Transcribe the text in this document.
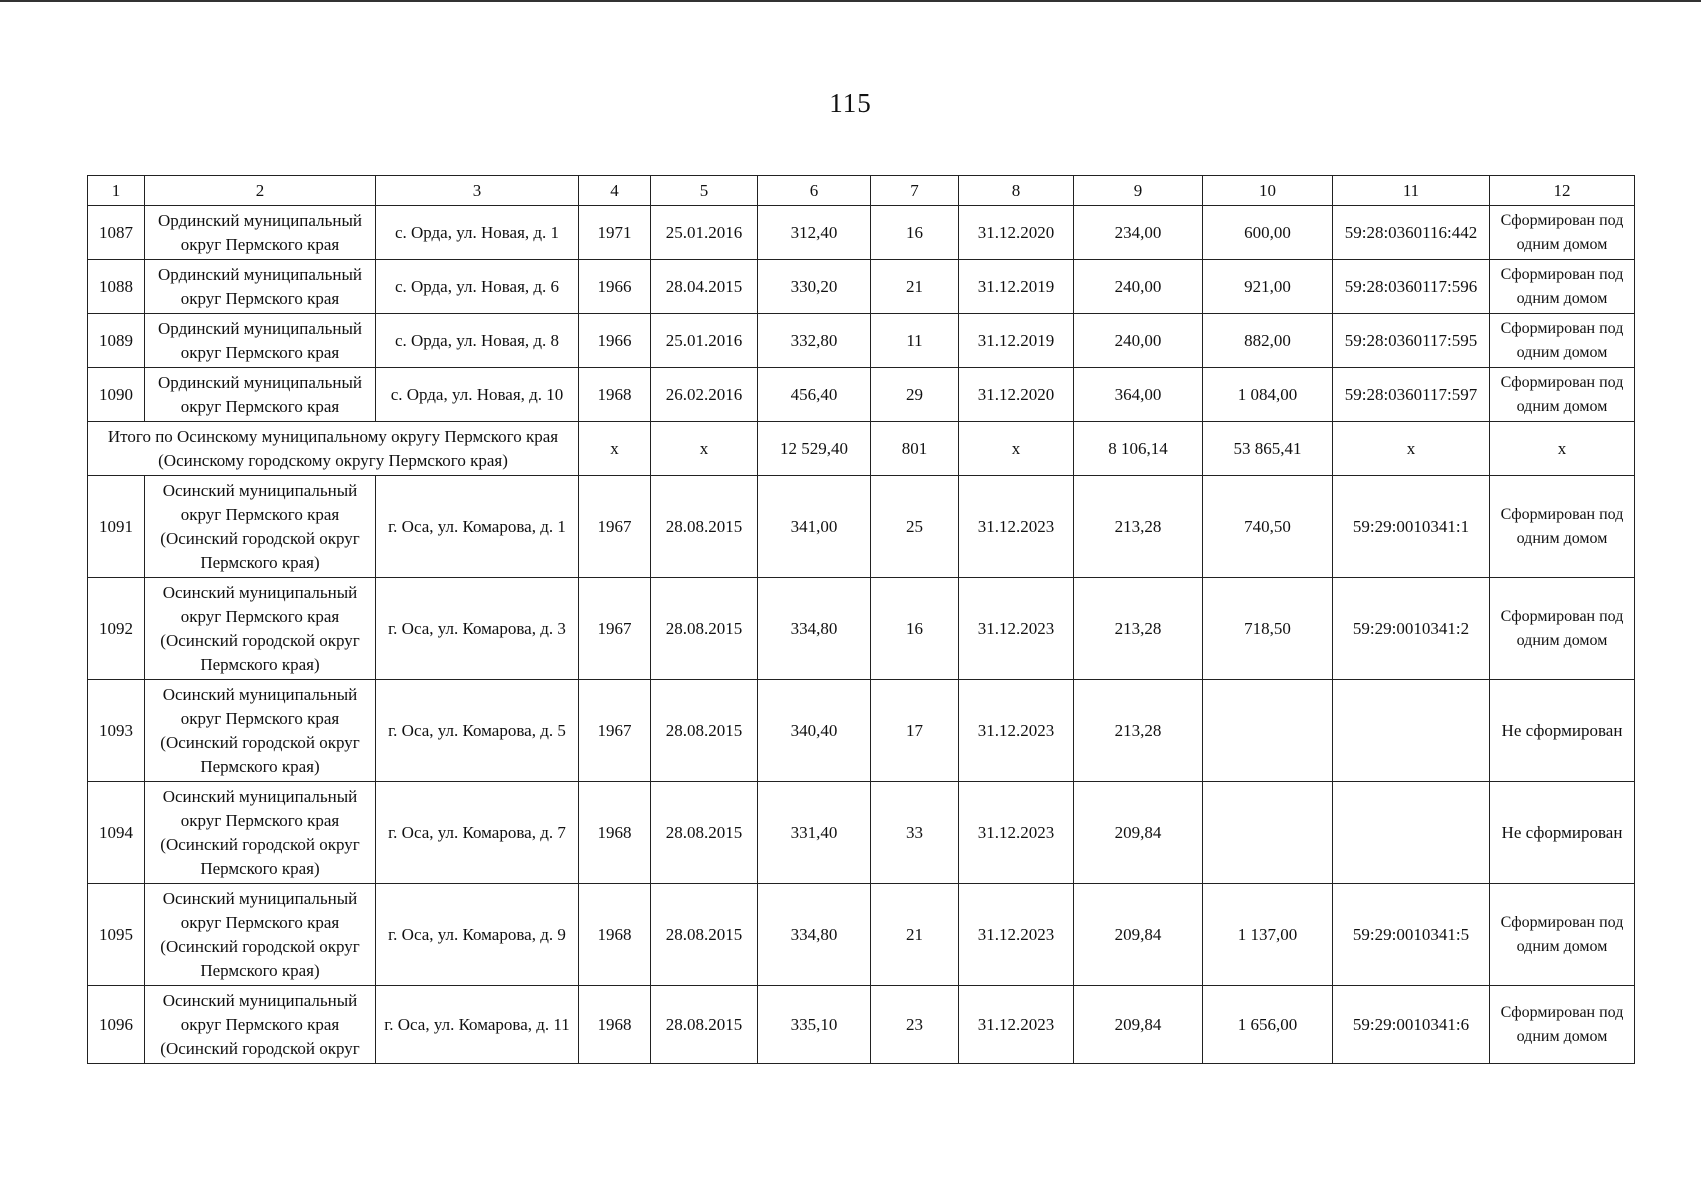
115
1	2	3	4	5	6	7	8	9	10	11	12
1087	Ординский муниципальный округ Пермского края	с. Орда, ул. Новая, д. 1	1971	25.01.2016	312,40	16	31.12.2020	234,00	600,00	59:28:0360116:442	Сформирован под одним домом
1088	Ординский муниципальный округ Пермского края	с. Орда, ул. Новая, д. 6	1966	28.04.2015	330,20	21	31.12.2019	240,00	921,00	59:28:0360117:596	Сформирован под одним домом
1089	Ординский муниципальный округ Пермского края	с. Орда, ул. Новая, д. 8	1966	25.01.2016	332,80	11	31.12.2019	240,00	882,00	59:28:0360117:595	Сформирован под одним домом
1090	Ординский муниципальный округ Пермского края	с. Орда, ул. Новая, д. 10	1968	26.02.2016	456,40	29	31.12.2020	364,00	1 084,00	59:28:0360117:597	Сформирован под одним домом
Итого по Осинскому муниципальному округу Пермского края (Осинскому городскому округу Пермского края)			x	x	12 529,40	801	x	8 106,14	53 865,41	x	x
1091	Осинский муниципальный округ Пермского края (Осинский городской округ Пермского края)	г. Оса, ул. Комарова, д. 1	1967	28.08.2015	341,00	25	31.12.2023	213,28	740,50	59:29:0010341:1	Сформирован под одним домом
1092	Осинский муниципальный округ Пермского края (Осинский городской округ Пермского края)	г. Оса, ул. Комарова, д. 3	1967	28.08.2015	334,80	16	31.12.2023	213,28	718,50	59:29:0010341:2	Сформирован под одним домом
1093	Осинский муниципальный округ Пермского края (Осинский городской округ Пермского края)	г. Оса, ул. Комарова, д. 5	1967	28.08.2015	340,40	17	31.12.2023	213,28			Не сформирован
1094	Осинский муниципальный округ Пермского края (Осинский городской округ Пермского края)	г. Оса, ул. Комарова, д. 7	1968	28.08.2015	331,40	33	31.12.2023	209,84			Не сформирован
1095	Осинский муниципальный округ Пермского края (Осинский городской округ Пермского края)	г. Оса, ул. Комарова, д. 9	1968	28.08.2015	334,80	21	31.12.2023	209,84	1 137,00	59:29:0010341:5	Сформирован под одним домом
1096	Осинский муниципальный округ Пермского края (Осинский городской округ	г. Оса, ул. Комарова, д. 11	1968	28.08.2015	335,10	23	31.12.2023	209,84	1 656,00	59:29:0010341:6	Сформирован под одним домом
